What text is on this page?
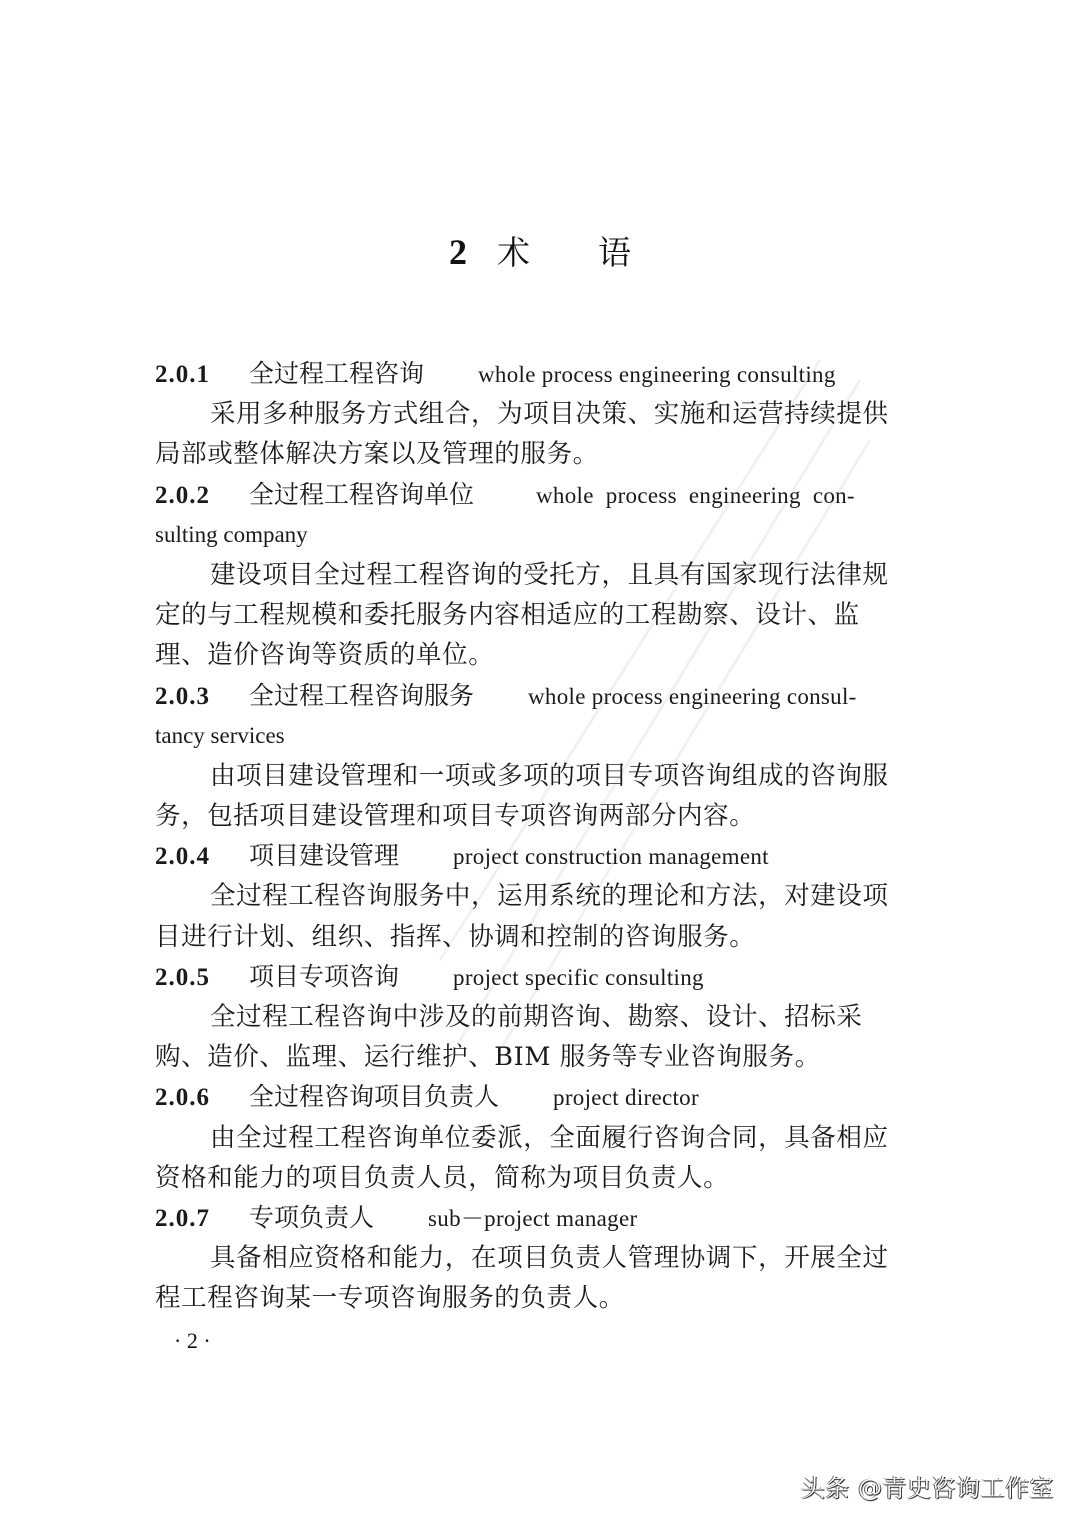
2 术 语
2.0.1 全过程工程咨询 whole process engineering consulting
采用多种服务方式组合，为项目决策、实施和运营持续提供
局部或整体解决方案以及管理的服务。
2.0.2 全过程工程咨询单位	whole process engineering con-
sulting company
建设项目全过程工程咨询的受托方，且具有国家现行法律规
定的与工程规模和委托服务内容相适应的工程勘察、设计、监
理、造价咨询等资质的单位。
2.0.3 全过程工程咨询服务 whole process engineering consul-
tancy services
由项目建设管理和一项或多项的项目专项咨询组成的咨询服
务，包括项目建设管理和项目专项咨询两部分内容。
2.0.4 项目建设管理 project construction management
全过程工程咨询服务中，运用系统的理论和方法，对建设项
目进行计划、组织、指挥、协调和控制的咨询服务。
2.0.5 项目专项咨询 project specific consulting
全过程工程咨询中涉及的前期咨询、勘察、设计、招标采
购、造价、监理、运行维护、BIM 服务等专业咨询服务。
2.0.6 全过程咨询项目负责人 project director
由全过程工程咨询单位委派，全面履行咨询合同，具备相应
资格和能力的项目负责人员，简称为项目负责人。
2.0.7 专项负责人 sub－project manager
具备相应资格和能力，在项目负责人管理协调下，开展全过
程工程咨询某一专项咨询服务的负责人。
· 2 ·
头条 @青史咨询工作室
